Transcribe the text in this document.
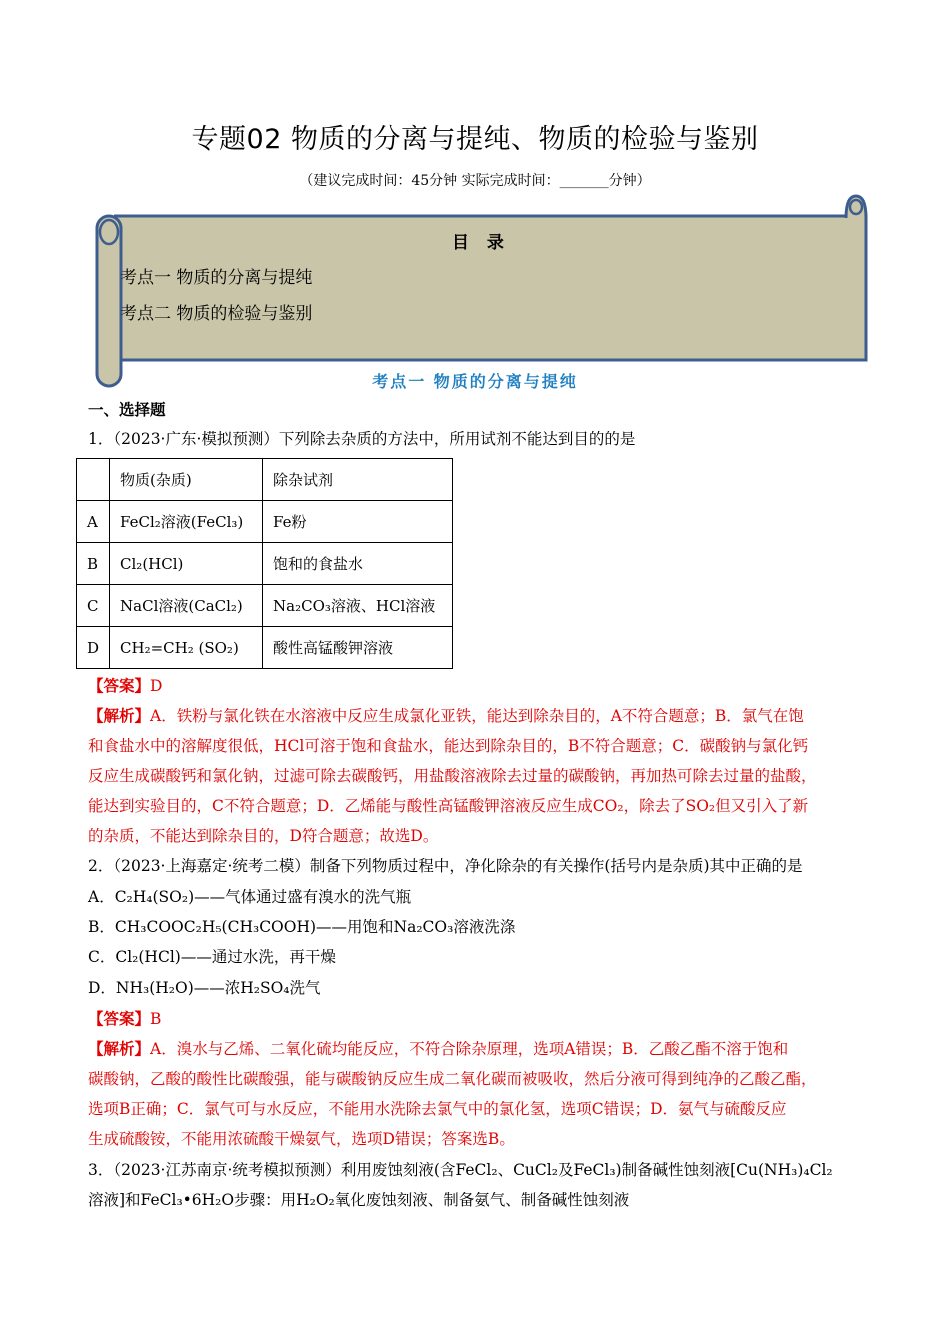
专题02 物质的分离与提纯、物质的检验与鉴别
（建议完成时间：45分钟 实际完成时间：_______分钟）
目 录
考点一 物质的分离与提纯
考点二 物质的检验与鉴别
考点一 物质的分离与提纯
一、选择题
1．（2023·广东·模拟预测）下列除去杂质的方法中，所用试剂不能达到目的的是
	物质(杂质)	除杂试剂
A	FeCl₂溶液(FeCl₃)	Fe粉
B	Cl₂(HCl)	饱和的食盐水
C	NaCl溶液(CaCl₂)	Na₂CO₃溶液、HCl溶液
D	CH₂=CH₂ (SO₂)	酸性高锰酸钾溶液
【答案】D
【解析】A．铁粉与氯化铁在水溶液中反应生成氯化亚铁，能达到除杂目的，A不符合题意；B．氯气在饱
和食盐水中的溶解度很低，HCl可溶于饱和食盐水，能达到除杂目的，B不符合题意；C．碳酸钠与氯化钙
反应生成碳酸钙和氯化钠，过滤可除去碳酸钙，用盐酸溶液除去过量的碳酸钠，再加热可除去过量的盐酸，
能达到实验目的，C不符合题意；D．乙烯能与酸性高锰酸钾溶液反应生成CO₂，除去了SO₂但又引入了新
的杂质，不能达到除杂目的，D符合题意；故选D。
2．（2023·上海嘉定·统考二模）制备下列物质过程中，净化除杂的有关操作(括号内是杂质)其中正确的是
A．C₂H₄(SO₂)——气体通过盛有溴水的洗气瓶
B．CH₃COOC₂H₅(CH₃COOH)——用饱和Na₂CO₃溶液洗涤
C．Cl₂(HCl)——通过水洗，再干燥
D．NH₃(H₂O)——浓H₂SO₄洗气
【答案】B
【解析】A．溴水与乙烯、二氧化硫均能反应，不符合除杂原理，选项A错误；B．乙酸乙酯不溶于饱和
碳酸钠，乙酸的酸性比碳酸强，能与碳酸钠反应生成二氧化碳而被吸收，然后分液可得到纯净的乙酸乙酯，
选项B正确；C．氯气可与水反应，不能用水洗除去氯气中的氯化氢，选项C错误；D．氨气与硫酸反应
生成硫酸铵，不能用浓硫酸干燥氨气，选项D错误；答案选B。
3．（2023·江苏南京·统考模拟预测）利用废蚀刻液(含FeCl₂、CuCl₂及FeCl₃)制备碱性蚀刻液[Cu(NH₃)₄Cl₂
溶液]和FeCl₃•6H₂O步骤：用H₂O₂氧化废蚀刻液、制备氨气、制备碱性蚀刻液
